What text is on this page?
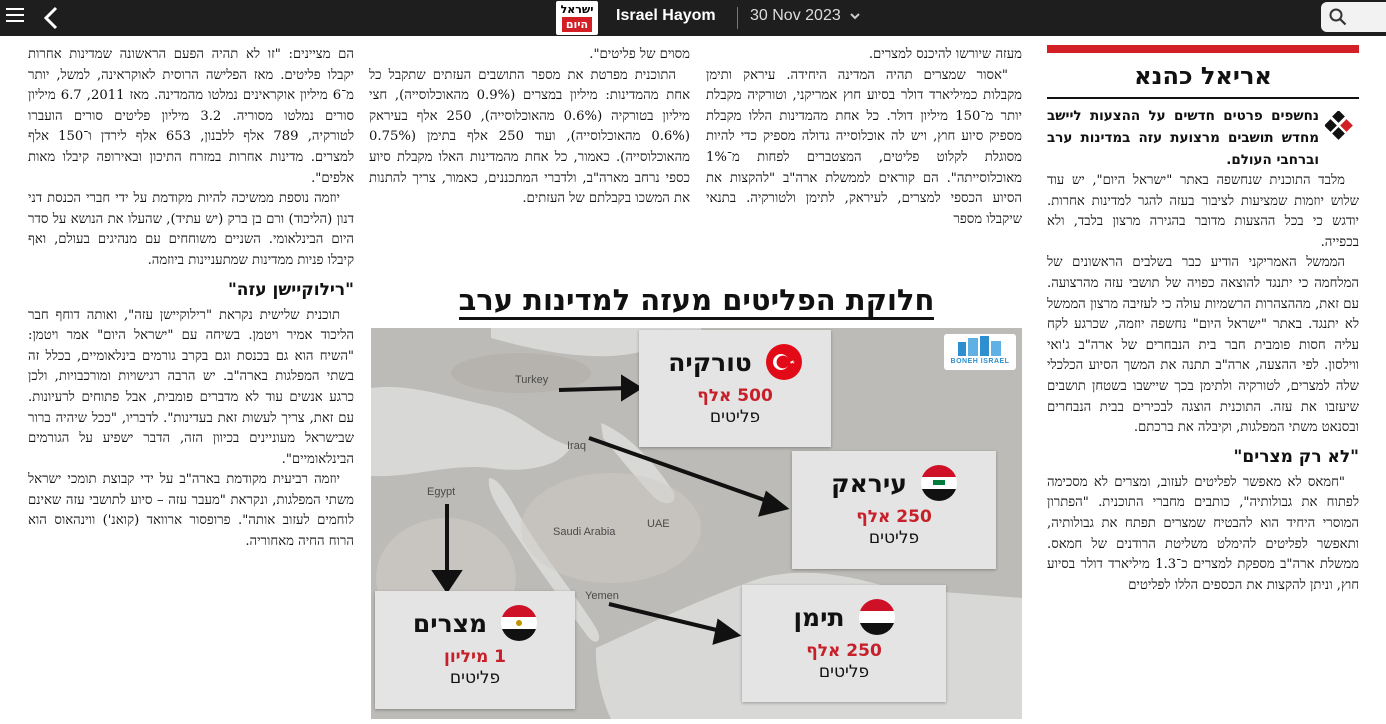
ישראל
היום
Israel Hayom 30 Nov 2023
אריאל כהנא
נחשפים פרטים חדשים על ההצעות ליישב מחדש תושבים מרצועת עזה במדינות ערב וברחבי העולם.

מלבד התוכנית שנחשפה באתר "ישראל היום", יש עוד שלוש יוזמות שמציעות לציבור בעזה להגר למדינות אחרות. יודגש כי בכל ההצעות מדובר בהגירה מרצון בלבד, ולא בכפייה.

הממשל האמריקני הודיע כבר בשלבים הראשונים של המלחמה כי יתנגד להוצאה כפויה של תושבי עזה מהרצועה. עם זאת, מההצהרות הרשמיות עולה כי לעזיבה מרצון הממשל לא יתנגד. באתר "ישראל היום" נחשפה יוזמה, שכרגע לקח עליה חסות פומבית חבר בית הנבחרים של ארה"ב ג'ואי ווילסון. לפי ההצעה, ארה"ב תתנה את המשך הסיוע הכלכלי שלה למצרים, לטורקיה ולתימן בכך שיישבו בשטחן תושבים שיעזבו את עזה. התוכנית הוצגה לבכירים בבית הנבחרים ובסנאט משתי המפלגות, וקיבלה את ברכתם.

"לא רק מצרים"

"חמאס לא מאפשר לפליטים לעזוב, ומצרים לא מסכימה לפתוח את גבולותיה", כותבים מחברי התוכנית. "הפתרון המוסרי היחיד הוא להבטיח שמצרים תפתח את גבולותיה, ותאפשר לפליטים להימלט משליטת הרודנים של חמאס. ממשלת ארה"ב מספקת למצרים כ־1.3 מיליארד דולר בסיוע חוץ, וניתן להקצות את הכספים הללו לפליטים

מעזה שיורשו להיכנס למצרים.

"אסור שמצרים תהיה המדינה היחידה. עיראק ותימן מקבלות כמיליארד דולר בסיוע חוץ אמריקני, וטורקיה מקבלת יותר מ־150 מיליון דולר. כל אחת מהמדינות הללו מקבלת מספיק סיוע חוץ, ויש לה אוכלוסייה גדולה מספיק כדי להיות מסוגלת לקלוט פליטים, המצטברים לפחות מ־1% מאוכלוסייתה". הם קוראים לממשלת ארה"ב "להקצות את הסיוע הכספי למצרים, לעיראק, לתימן ולטורקיה. בתנאי שיקבלו מספר

מסוים של פליטים".

התוכנית מפרטת את מספר התושבים העזתים שתקבל כל אחת מהמדינות: מיליון במצרים (0.9% מהאוכלוסייה), חצי מיליון בטורקיה (0.6% מהאוכלוסייה), 250 אלף בעיראק (0.6% מהאוכלוסייה), ועוד 250 אלף בתימן (0.75% מהאוכלוסייה). כאמור, כל אחת מהמדינות האלו מקבלת סיוע כספי נרחב מארה"ב, ולדברי המתכננים, כאמור, צריך להתנות את המשכו בקבלתם של העזתים.

הם מציינים: "זו לא תהיה הפעם הראשונה שמדינות אחרות יקבלו פליטים. מאז הפלישה הרוסית לאוקראינה, למשל, יותר מ־6 מיליון אוקראינים נמלטו מהמדינה. מאז 2011, 6.7 מיליון סורים נמלטו מסוריה. 3.2 מיליון פליטים סורים הועברו לטורקיה, 789 אלף ללבנון, 653 אלף לירדן ו־150 אלף למצרים. מדינות אחרות במזרח התיכון ובאירופה קיבלו מאות אלפים".

יוזמה נוספת ממשיכה להיות מקודמת על ידי חברי הכנסת דני דנון (הליכוד) ורם בן ברק (יש עתיד), שהעלו את הנושא על סדר היום הבינלאומי. השניים משוחחים עם מנהיגים בעולם, ואף קיבלו פניות ממדינות שמתעניינות ביוזמה.

"רילוקיישן עזה"

תוכנית שלישית נקראת "רילוקיישן עזה", ואותה דוחף חבר הליכוד אמיר ויטמן. בשיחה עם "ישראל היום" אמר ויטמן: "השיח הוא גם בכנסת וגם בקרב גורמים בינלאומיים, בכלל זה בשתי המפלגות בארה"ב. יש הרבה רגישויות ומורכבויות, ולכן כרגע אנשים עוד לא מדברים פומבית, אבל פתוחים לרעיונות. עם זאת, צריך לעשות זאת בעדינות". לדבריו, "ככל שיהיה ברור שבישראל מעוניינים בכיוון הזה, הדבר ישפיע על הגורמים הבינלאומיים".

יוזמה רביעית מקודמת בארה"ב על ידי קבוצת תומכי ישראל משתי המפלגות, ונקראת "מעבר עזה – סיוע לתושבי עזה שאינם לוחמים לעזוב אותה". פרופסור ארוואד (קואנ') ווינהאוס הוא הרוח החיה מאחוריה.

חלוקת הפליטים מעזה למדינות ערב
Turkey
Iraq
Egypt
Saudi Arabia
UAE
Yemen
BONEH ISRAEL
טורקיה
500 אלף
פליטים
עיראק
250 אלף
פליטים
תימן
250 אלף
פליטים
מצרים
1 מיליון
פליטים
